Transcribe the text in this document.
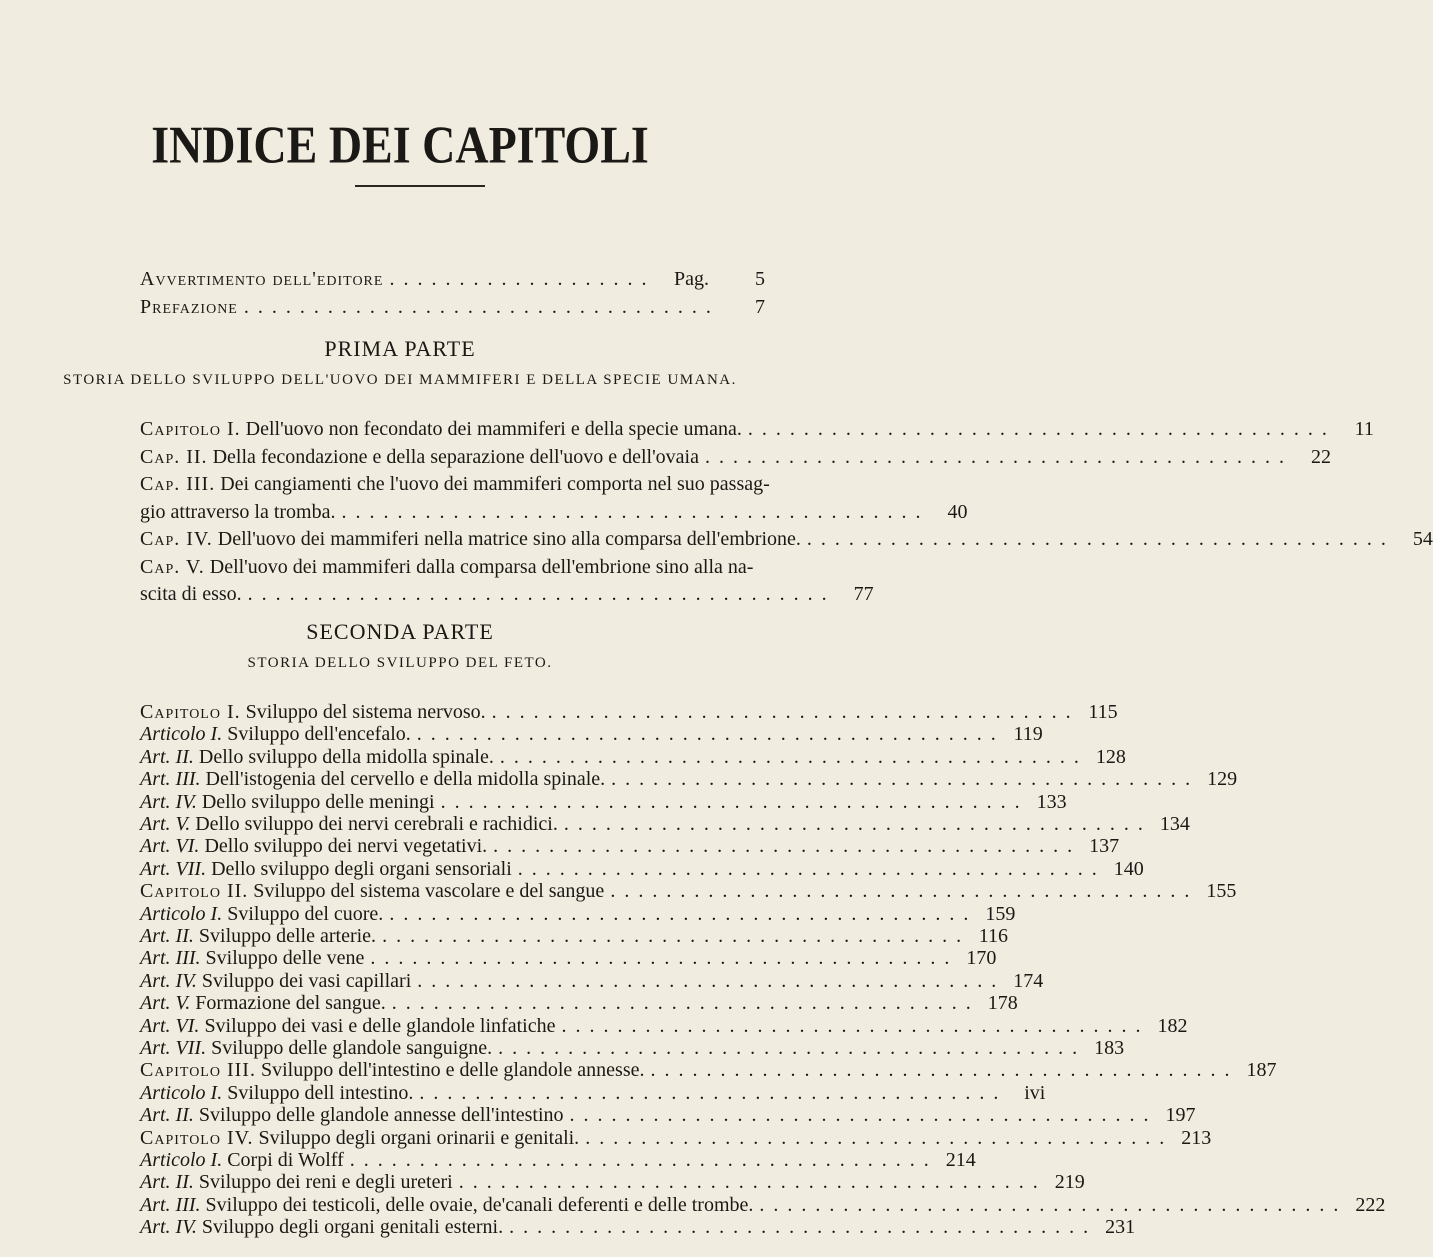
INDICE DEI CAPITOLI
Avvertimento dell'editore ................... Pag.	5
Prefazione ..................................	7
PRIMA PARTE
STORIA DELLO SVILUPPO DELL'UOVO DEI MAMMIFERI E DELLA SPECIE UMANA.
Capitolo I.
Dell'uovo non fecondato dei mammiferi e della specie umana. .......................................... 11
Cap. II.
Della fecondazione e della separazione dell'uovo e dell'ovaia .......................................... 22
Cap. III.
Dei cangiamenti che l'uovo dei mammiferi comporta nel suo passag-
gio attraverso la tromba. .......................................... 40
Cap. IV.
Dell'uovo dei mammiferi nella matrice sino alla comparsa dell'embrione. .......................................... 54
Cap. V.
Dell'uovo dei mammiferi dalla comparsa dell'embrione sino alla na-
scita di esso. .......................................... 77
SECONDA PARTE
STORIA DELLO SVILUPPO DEL FETO.
Capitolo I.
Sviluppo del sistema nervoso. .......................................... 115
Articolo I.
Sviluppo dell'encefalo. .......................................... 119
Art. II.
Dello sviluppo della midolla spinale. .......................................... 128
Art. III.
Dell'istogenia del cervello e della midolla spinale. .......................................... 129
Art. IV.
Dello sviluppo delle meningi .......................................... 133
Art. V.
Dello sviluppo dei nervi cerebrali e rachidici. .......................................... 134
Art. VI.
Dello sviluppo dei nervi vegetativi. .......................................... 137
Art. VII.
Dello sviluppo degli organi sensoriali .......................................... 140
Capitolo II.
Sviluppo del sistema vascolare e del sangue .......................................... 155
Articolo I.
Sviluppo del cuore. .......................................... 159
Art. II.
Sviluppo delle arterie. .......................................... 116
Art. III.
Sviluppo delle vene .......................................... 170
Art. IV.
Sviluppo dei vasi capillari .......................................... 174
Art. V.
Formazione del sangue. .......................................... 178
Art. VI.
Sviluppo dei vasi e delle glandole linfatiche .......................................... 182
Art. VII.
Sviluppo delle glandole sanguigne. .......................................... 183
Capitolo III.
Sviluppo dell'intestino e delle glandole annesse. .......................................... 187
Articolo I.
Sviluppo dell intestino. .......................................... ivi
Art. II.
Sviluppo delle glandole annesse dell'intestino .......................................... 197
Capitolo IV.
Sviluppo degli organi orinarii e genitali. .......................................... 213
Articolo I.
Corpi di Wolff .......................................... 214
Art. II.
Sviluppo dei reni e degli ureteri .......................................... 219
Art. III.
Sviluppo dei testicoli, delle ovaie, de'canali deferenti e delle trombe. .......................................... 222
Art. IV.
Sviluppo degli organi genitali esterni. .......................................... 231
